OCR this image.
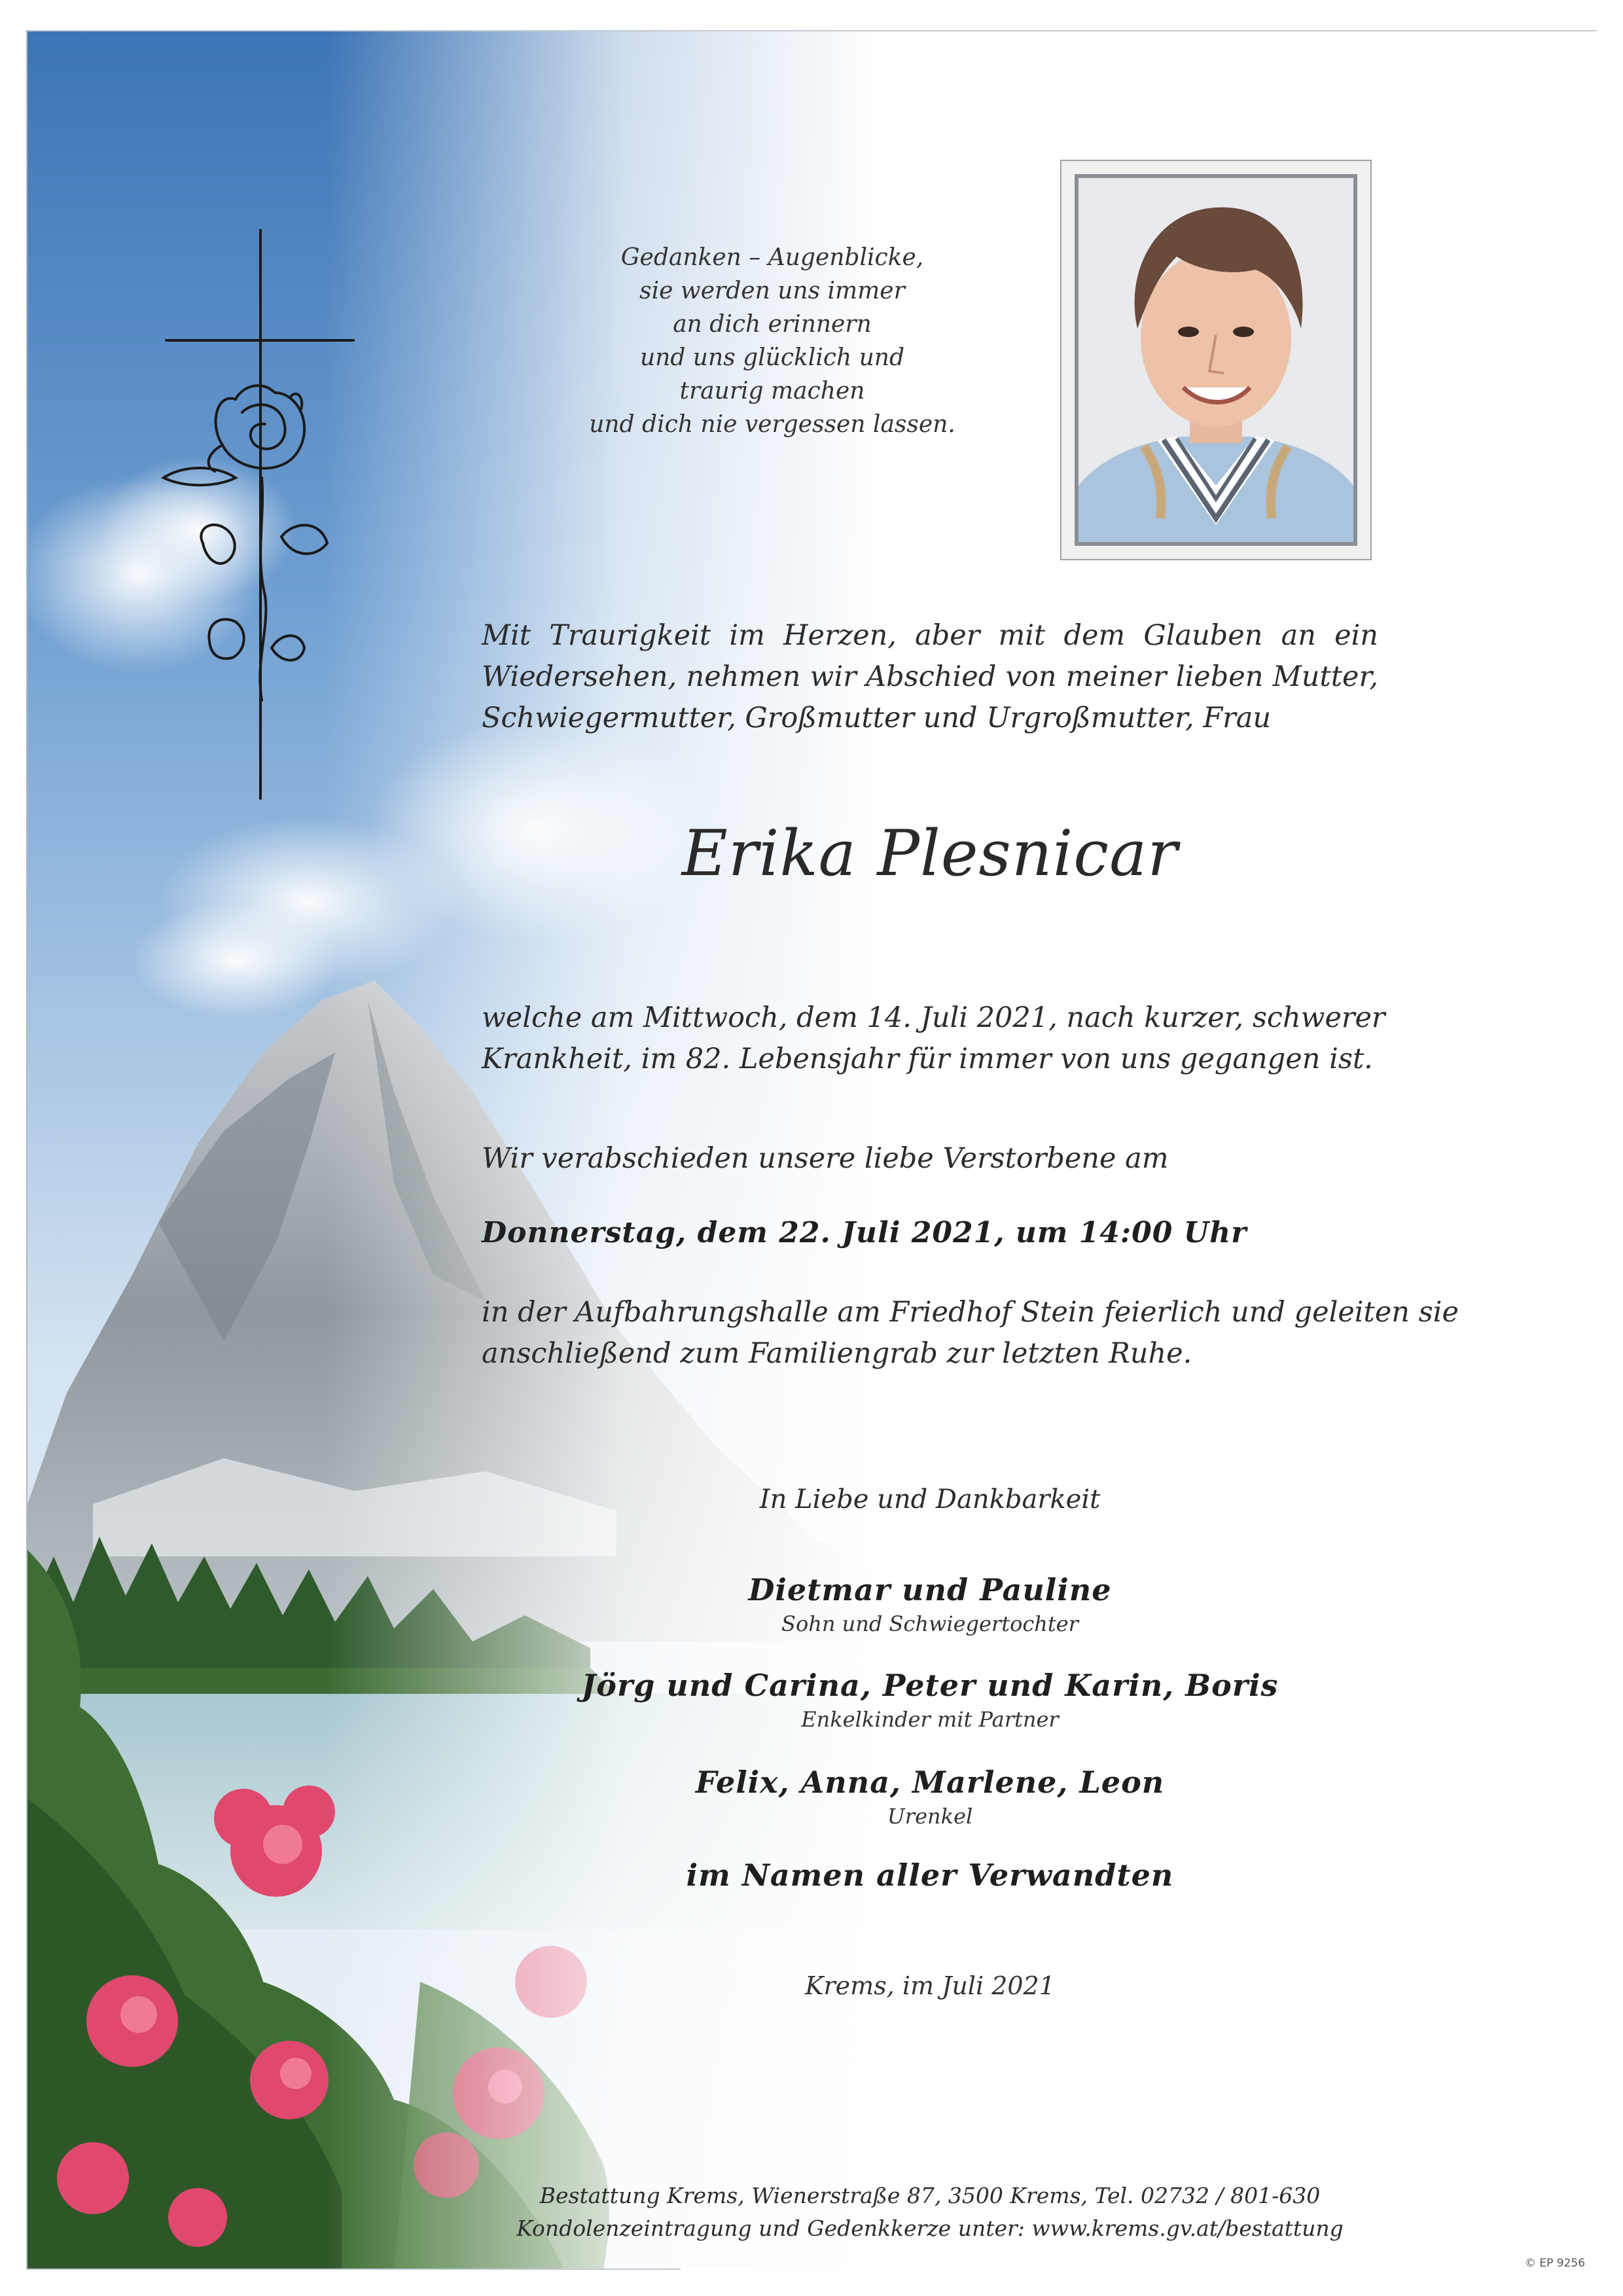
Gedanken – Augenblicke,
sie werden uns immer
an dich erinnern
und uns glücklich und
traurig machen
und dich nie vergessen lassen.
Mit Traurigkeit im Herzen, aber mit dem Glauben an ein
Wiedersehen, nehmen wir Abschied von meiner lieben Mutter,
Schwiegermutter, Großmutter und Urgroßmutter, Frau
Erika Plesnicar
welche am Mittwoch, dem 14. Juli 2021, nach kurzer, schwerer
Krankheit, im 82. Lebensjahr für immer von uns gegangen ist.
Wir verabschieden unsere liebe Verstorbene am
Donnerstag, dem 22. Juli 2021, um 14:00 Uhr
in der Aufbahrungshalle am Friedhof Stein feierlich und geleiten sie
anschließend zum Familiengrab zur letzten Ruhe.
In Liebe und Dankbarkeit
Dietmar und Pauline
Sohn und Schwiegertochter
Jörg und Carina, Peter und Karin, Boris
Enkelkinder mit Partner
Felix, Anna, Marlene, Leon
Urenkel
im Namen aller Verwandten
Krems, im Juli 2021
Bestattung Krems, Wienerstraße 87, 3500 Krems, Tel. 02732 / 801-630
Kondolenzeintragung und Gedenkkerze unter: www.krems.gv.at/bestattung
© EP 9256
